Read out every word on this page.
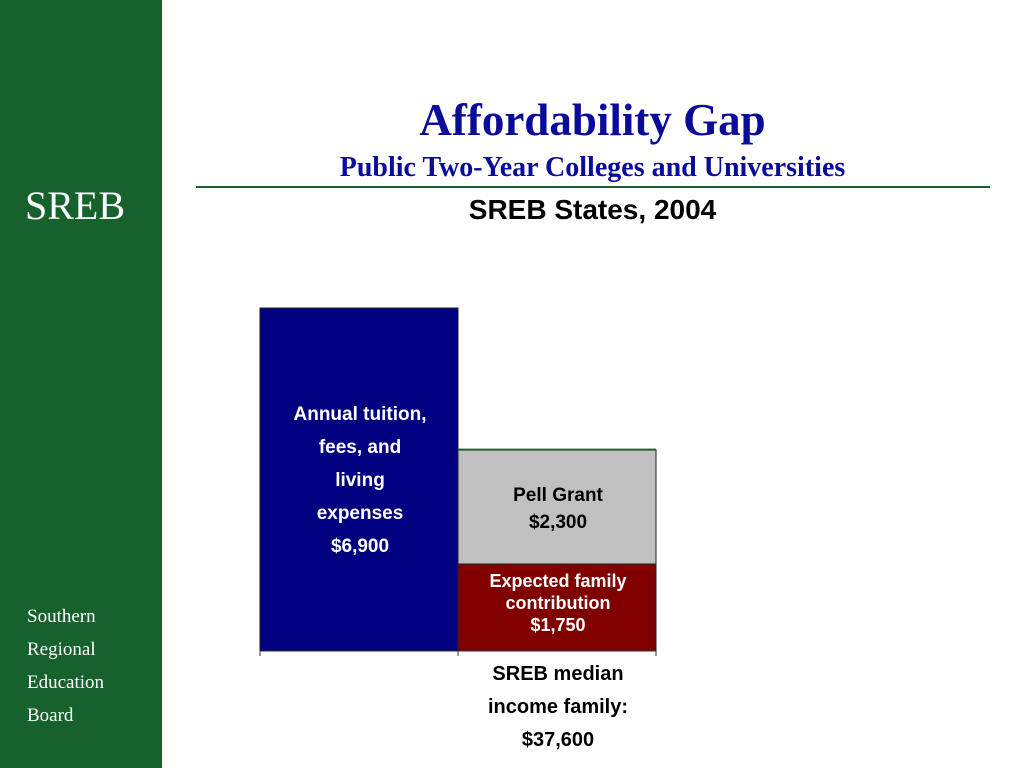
SREB
Southern
Regional
Education
Board
Affordability Gap
Public Two-Year Colleges and Universities
SREB States, 2004
Annual tuition,
fees, and
living
expenses
$6,900
Pell Grant
$2,300
Expected family
contribution
$1,750
SREB median
income family:
$37,600
